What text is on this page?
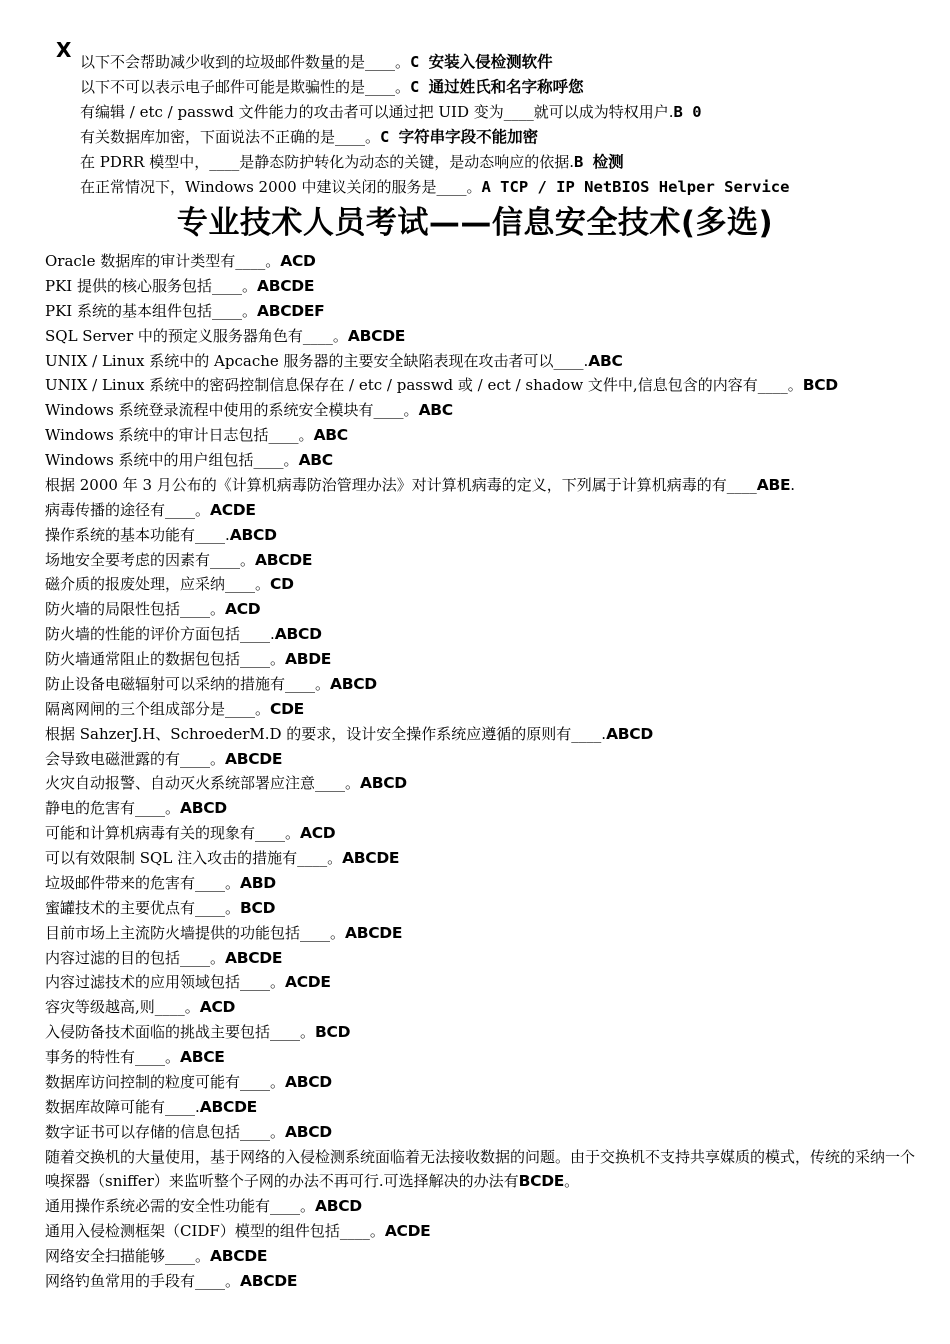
X 以下不会帮助减少收到的垃圾邮件数量的是____。C 安装入侵检测软件
以下不可以表示电子邮件可能是欺骗性的是____。C 通过姓氏和名字称呼您
有编辑 / etc / passwd 文件能力的攻击者可以通过把 UID 变为____就可以成为特权用户.B 0
有关数据库加密，下面说法不正确的是____。C 字符串字段不能加密
在 PDRR 模型中，____是静态防护转化为动态的关键，是动态响应的依据.B 检测
在正常情况下，Windows 2000 中建议关闭的服务是____。A TCP / IP NetBIOS Helper Service
专业技术人员考试——信息安全技术(多选)
Oracle 数据库的审计类型有____。ACD
PKI 提供的核心服务包括____。ABCDE
PKI 系统的基本组件包括____。ABCDEF
SQL Server 中的预定义服务器角色有____。ABCDE
UNIX / Linux 系统中的 Apcache 服务器的主要安全缺陷表现在攻击者可以____.ABC
UNIX / Linux 系统中的密码控制信息保存在 / etc / passwd 或 / ect / shadow 文件中,信息包含的内容有____。BCD
Windows 系统登录流程中使用的系统安全模块有____。ABC
Windows 系统中的审计日志包括____。ABC
Windows 系统中的用户组包括____。ABC
根据 2000 年 3 月公布的《计算机病毒防治管理办法》对计算机病毒的定义，下列属于计算机病毒的有____ABE.
病毒传播的途径有____。ACDE
操作系统的基本功能有____.ABCD
场地安全要考虑的因素有____。ABCDE
磁介质的报废处理，应采纳____。CD
防火墙的局限性包括____。ACD
防火墙的性能的评价方面包括____.ABCD
防火墙通常阻止的数据包包括____。ABDE
防止设备电磁辐射可以采纳的措施有____。ABCD
隔离网闸的三个组成部分是____。CDE
根据 SahzerJ.H、SchroederM.D 的要求，设计安全操作系统应遵循的原则有____.ABCD
会导致电磁泄露的有____。ABCDE
火灾自动报警、自动灭火系统部署应注意____。ABCD
静电的危害有____。ABCD
可能和计算机病毒有关的现象有____。ACD
可以有效限制 SQL 注入攻击的措施有____。ABCDE
垃圾邮件带来的危害有____。ABD
蜜罐技术的主要优点有____。BCD
目前市场上主流防火墙提供的功能包括____。ABCDE
内容过滤的目的包括____。ABCDE
内容过滤技术的应用领域包括____。ACDE
容灾等级越高,则____。ACD
入侵防备技术面临的挑战主要包括____。BCD
事务的特性有____。ABCE
数据库访问控制的粒度可能有____。ABCD
数据库故障可能有____.ABCDE
数字证书可以存储的信息包括____。ABCD
随着交换机的大量使用，基于网络的入侵检测系统面临着无法接收数据的问题。由于交换机不支持共享媒质的模式，传统的采纳一个嗅探器（sniffer）来监听整个子网的办法不再可行.可选择解决的办法有BCDE。
通用操作系统必需的安全性功能有____。ABCD
通用入侵检测框架（CIDF）模型的组件包括____。ACDE
网络安全扫描能够____。ABCDE
网络钓鱼常用的手段有____。ABCDE
